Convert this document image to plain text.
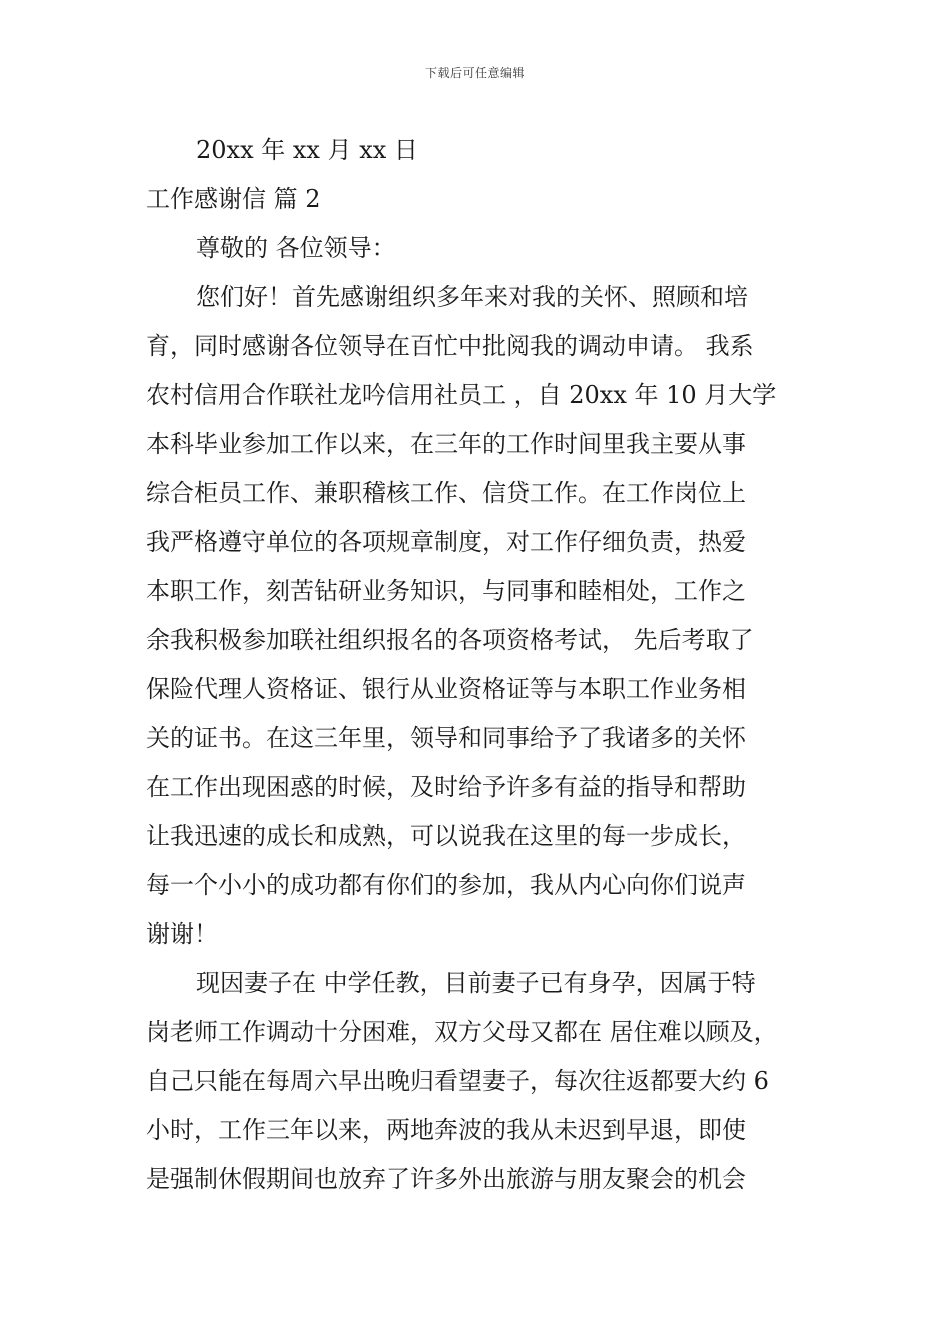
下载后可任意编辑
20xx 年 xx 月 xx 日
工作感谢信 篇 2
尊敬的 各位领导：
您们好！首先感谢组织多年来对我的关怀、照顾和培
育，同时感谢各位领导在百忙中批阅我的调动申请。 我系
农村信用合作联社龙吟信用社员工 ，自 20xx 年 10 月大学
本科毕业参加工作以来，在三年的工作时间里我主要从事
综合柜员工作、兼职稽核工作、信贷工作。在工作岗位上
我严格遵守单位的各项规章制度，对工作仔细负责，热爱
本职工作，刻苦钻研业务知识，与同事和睦相处，工作之
余我积极参加联社组织报名的各项资格考试， 先后考取了
保险代理人资格证、银行从业资格证等与本职工作业务相
关的证书。在这三年里，领导和同事给予了我诸多的关怀
在工作出现困惑的时候，及时给予许多有益的指导和帮助
让我迅速的成长和成熟，可以说我在这里的每一步成长，
每一个小小的成功都有你们的参加，我从内心向你们说声
谢谢！
现因妻子在 中学任教，目前妻子已有身孕，因属于特
岗老师工作调动十分困难，双方父母又都在 居住难以顾及，
自己只能在每周六早出晚归看望妻子，每次往返都要大约 6
小时，工作三年以来，两地奔波的我从未迟到早退，即使
是强制休假期间也放弃了许多外出旅游与朋友聚会的机会
